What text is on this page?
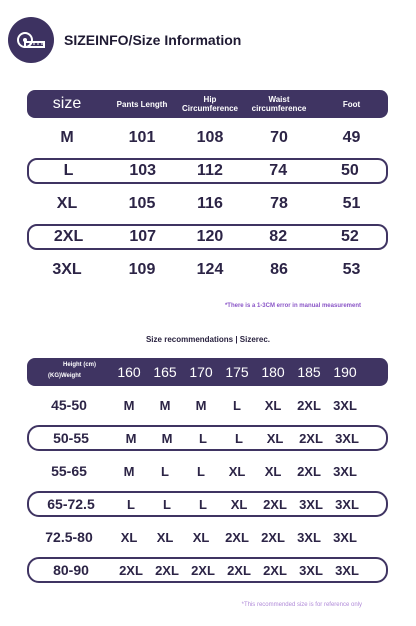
SIZEINFO/Size Information
size	Pants Length	Hip
Circumference
Waist
circumference	Foot
M	101	108	70	49
L	103	112	74	50
XL	105	116	78	51
2XL	107	120	82	52
3XL	109	124	86	53
*There is a 1-3CM error in manual measurement
Size recommendations | Sizerec.
Height (cm)
(KG)Weight	160 165 170 175 180 185 190
45-50	M	M	M	L	XL	2XL 3XL
50-55	M	M	L	L	XL	2XL 3XL
55-65	M	L	L	XL	XL	2XL 3XL
65-72.5	L	L	L	XL	2XL 3XL 3XL
72.5-80	XL	XL	XL	2XL 2XL 3XL 3XL
80-90	2XL 2XL 2XL 2XL 2XL 3XL 3XL
*This recommended size is for reference only
